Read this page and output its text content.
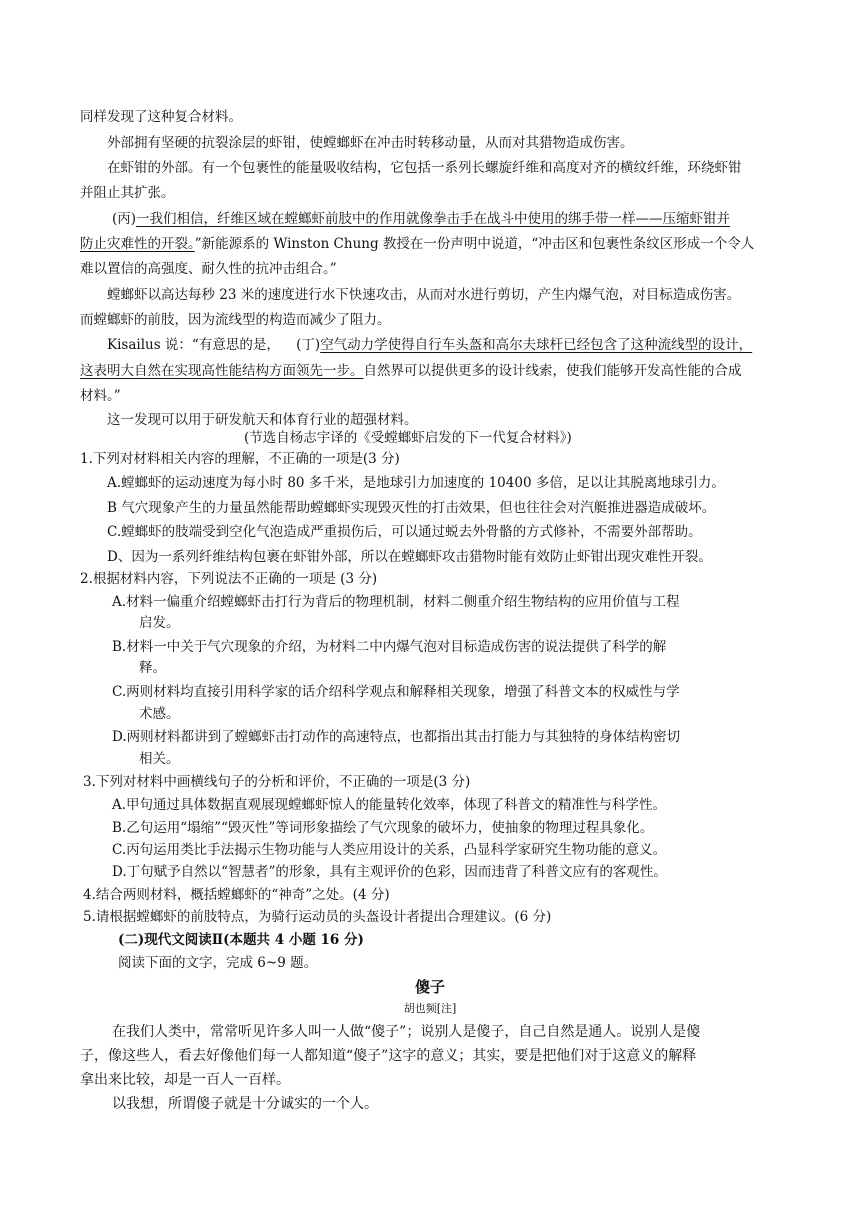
同样发现了这种复合材料。
外部拥有坚硬的抗裂涂层的虾钳，使螳螂虾在冲击时转移动量，从而对其猎物造成伤害。
在虾钳的外部。有一个包裹性的能量吸收结构，它包括一系列长螺旋纤维和高度对齐的横纹纤维，环绕虾钳
并阻止其扩张。
(丙)一我们相信，纤维区域在螳螂虾前肢中的作用就像拳击手在战斗中使用的绑手带一样——压缩虾钳并
防止灾难性的开裂。”新能源系的 Winston Chung 教授在一份声明中说道，“冲击区和包裹性条纹区形成一个令人
难以置信的高强度、耐久性的抗冲击组合。”
螳螂虾以高达每秒 23 米的速度进行水下快速攻击，从而对水进行剪切，产生内爆气泡，对目标造成伤害。
而螳螂虾的前肢，因为流线型的构造而减少了阻力。
Kisailus 说：“有意思的是， (丁)空气动力学使得自行车头盔和高尔夫球杆已经包含了这种流线型的设计，
这表明大自然在实现高性能结构方面领先一步。自然界可以提供更多的设计线索，使我们能够开发高性能的合成
材料。”
这一发现可以用于研发航天和体育行业的超强材料。
(节选自杨志宇译的《受螳螂虾启发的下一代复合材料》)
1.下列对材料相关内容的理解，不正确的一项是(3 分)
A.螳螂虾的运动速度为每小时 80 多千米，是地球引力加速度的 10400 多倍，足以让其脱离地球引力。
B 气穴现象产生的力量虽然能帮助螳螂虾实现毁灭性的打击效果，但也往往会对汽艇推进器造成破坏。
C.螳螂虾的肢端受到空化气泡造成严重损伤后，可以通过蜕去外骨骼的方式修补，不需要外部帮助。
D、因为一系列纤维结构包裹在虾钳外部，所以在螳螂虾攻击猎物时能有效防止虾钳出现灾难性开裂。
2.根据材料内容，下列说法不正确的一项是 (3 分)
A.材料一偏重介绍螳螂虾击打行为背后的物理机制，材料二侧重介绍生物结构的应用价值与工程
启发。
B.材料一中关于气穴现象的介绍，为材料二中内爆气泡对目标造成伤害的说法提供了科学的解
释。
C.两则材料均直接引用科学家的话介绍科学观点和解释相关现象，增强了科普文本的权威性与学
术感。
D.两则材料都讲到了螳螂虾击打动作的高速特点，也都指出其击打能力与其独特的身体结构密切
相关。
3.下列对材料中画横线句子的分析和评价，不正确的一项是(3 分)
A.甲句通过具体数据直观展现螳螂虾惊人的能量转化效率，体现了科普文的精准性与科学性。
B.乙句运用“塌缩”“毁灭性”等词形象描绘了气穴现象的破坏力，使抽象的物理过程具象化。
C.丙句运用类比手法揭示生物功能与人类应用设计的关系，凸显科学家研究生物功能的意义。
D.丁句赋予自然以“智慧者”的形象，具有主观评价的色彩，因而违背了科普文应有的客观性。
4.结合两则材料，概括螳螂虾的“神奇”之处。(4 分)
5.请根据螳螂虾的前肢特点，为骑行运动员的头盔设计者提出合理建议。(6 分)
(二)现代文阅读Ⅱ(本题共 4 小题 16 分)
阅读下面的文字，完成 6~9 题。
傻子
胡也频[注]
在我们人类中，常常听见许多人叫一人做“傻子”；说别人是傻子，自己自然是通人。说别人是傻
子，像这些人，看去好像他们每一人都知道“傻子”这字的意义；其实，要是把他们对于这意义的解释
拿出来比较，却是一百人一百样。
以我想，所谓傻子就是十分诚实的一个人。
